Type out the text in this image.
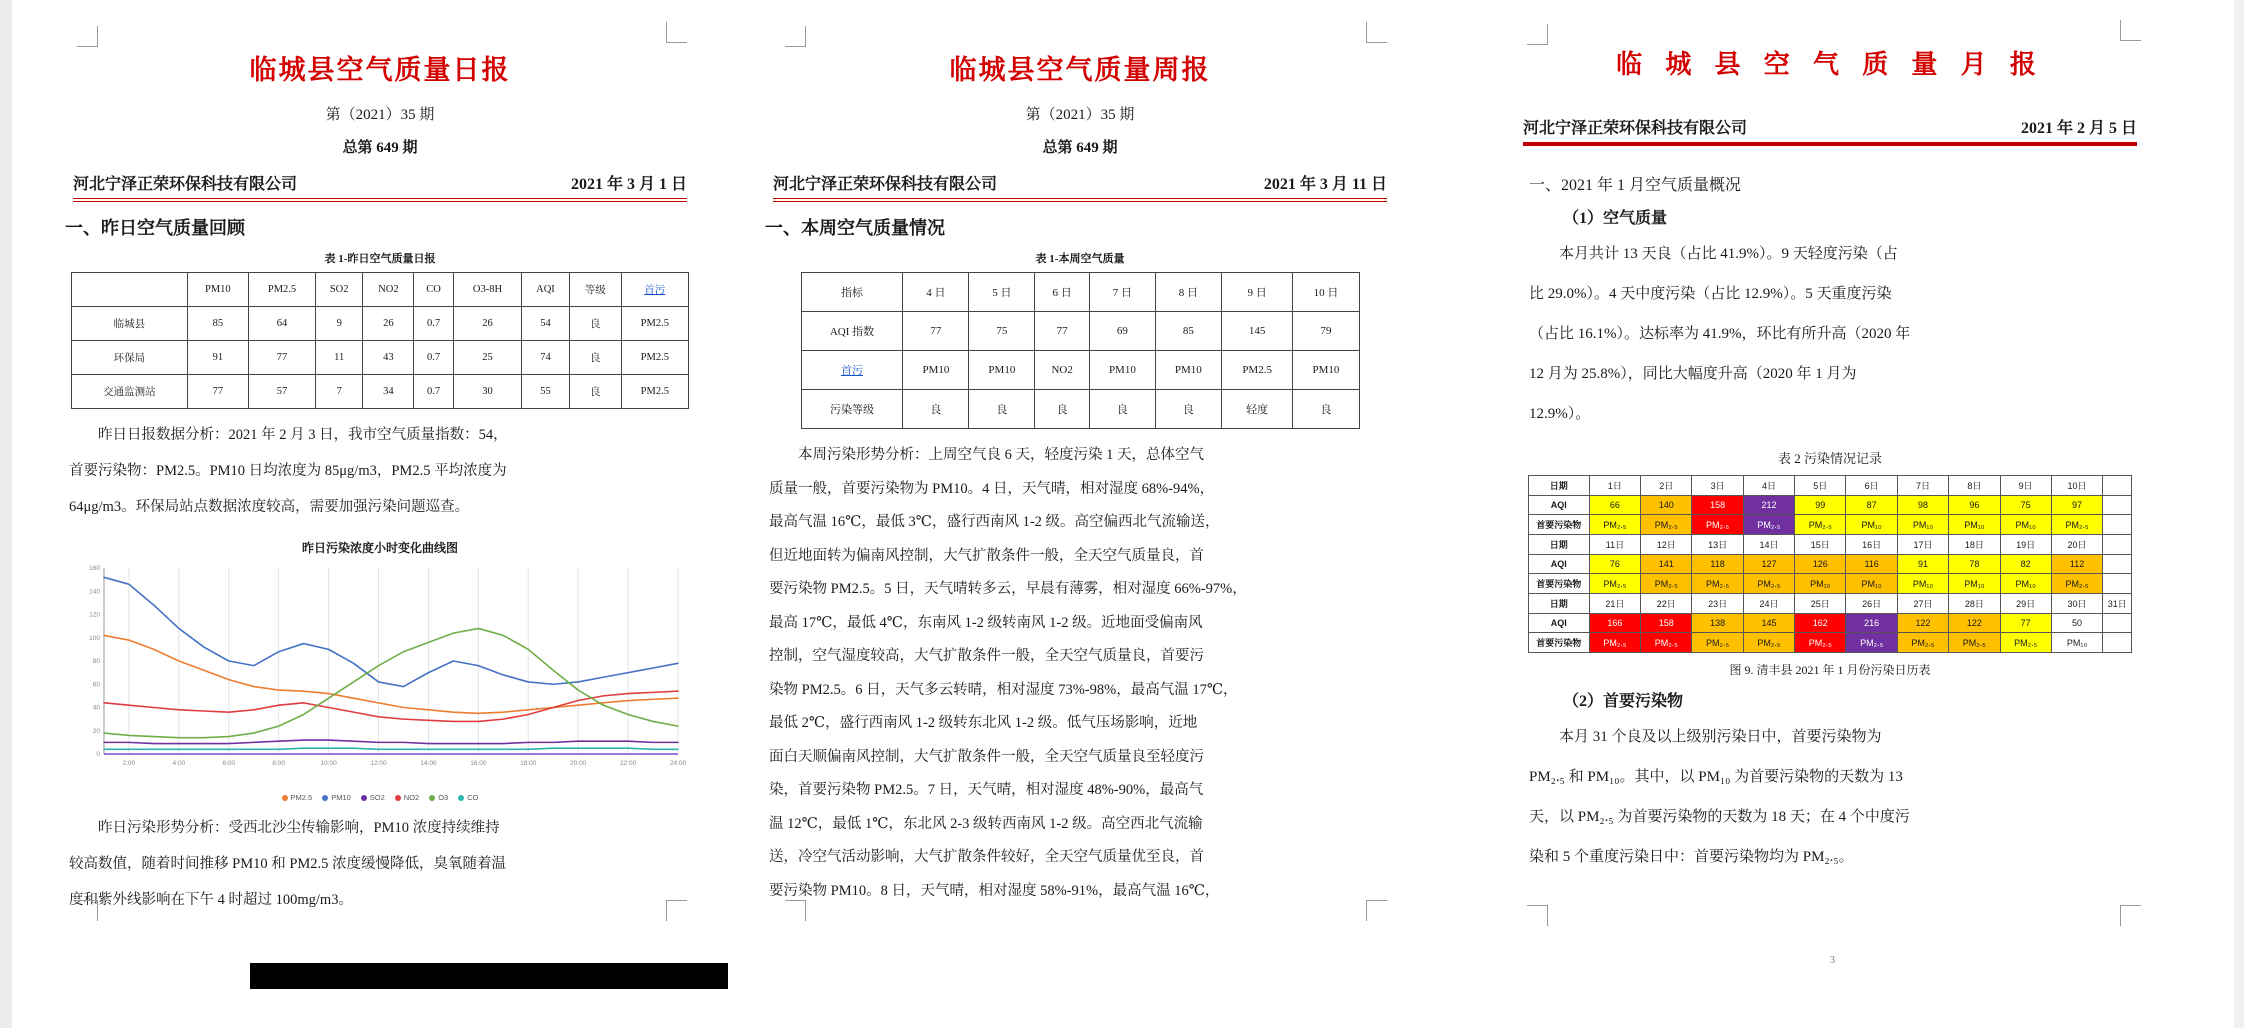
临城县空气质量日报
第（2021）35 期
总第 649 期
河北宁泽正荣环保科技有限公司	2021 年 3 月 1 日
一、昨日空气质量回顾
表 1-昨日空气质量日报
	PM10	PM2.5	SO2	NO2	CO	O3-8H	AQI	等级	首污
临城县	85	64	9	26	0.7	26	54	良	PM2.5
环保局	91	77	11	43	0.7	25	74	良	PM2.5
交通监测站	77	57	7	34	0.7	30	55	良	PM2.5
昨日日报数据分析：2021 年 2 月 3 日，我市空气质量指数：54，
首要污染物：PM2.5。PM10 日均浓度为 85μg/m3，PM2.5 平均浓度为
64μg/m3。环保局站点数据浓度较高，需要加强污染问题巡查。
昨日污染浓度小时变化曲线图
2:00	4:00	6:00	8:00	10:00	12:00	14:00	16:00	18:00	20:00	22:00	24:00
0
20
40
60
80
100
120
140
160
PM2.5	PM10	SO2	NO2	O3	CO
昨日污染形势分析：受西北沙尘传输影响，PM10 浓度持续维持
较高数值，随着时间推移 PM10 和 PM2.5 浓度缓慢降低，臭氧随着温
度和紫外线影响在下午 4 时超过 100mg/m3。
临城县空气质量周报
第（2021）35 期
总第 649 期
河北宁泽正荣环保科技有限公司	2021 年 3 月 11 日
一、本周空气质量情况
表 1-本周空气质量
指标	4 日	5 日	6 日	7 日	8 日	9 日	10 日
AQI 指数	77	75	77	69	85	145	79
首污	PM10	PM10	NO2	PM10	PM10	PM2.5	PM10
污染等级	良	良	良	良	良	轻度	良
本周污染形势分析：上周空气良 6 天，轻度污染 1 天，总体空气
质量一般，首要污染物为 PM10。4 日，天气晴，相对湿度 68%-94%，
最高气温 16℃，最低 3℃，盛行西南风 1-2 级。高空偏西北气流输送，
但近地面转为偏南风控制，大气扩散条件一般，全天空气质量良，首
要污染物 PM2.5。5 日，天气晴转多云，早晨有薄雾，相对湿度 66%-97%，
最高 17℃，最低 4℃，东南风 1-2 级转南风 1-2 级。近地面受偏南风
控制，空气湿度较高，大气扩散条件一般，全天空气质量良，首要污
染物 PM2.5。6 日，天气多云转晴，相对湿度 73%-98%，最高气温 17℃，
最低 2℃，盛行西南风 1-2 级转东北风 1-2 级。低气压场影响，近地
面白天顺偏南风控制，大气扩散条件一般，全天空气质量良至轻度污
染，首要污染物 PM2.5。7 日，天气晴，相对湿度 48%-90%，最高气
温 12℃，最低 1℃，东北风 2-3 级转西南风 1-2 级。高空西北气流输
送，冷空气活动影响，大气扩散条件较好，全天空气质量优至良，首
要污染物 PM10。8 日，天气晴，相对湿度 58%-91%，最高气温 16℃，
临 城 县 空 气 质 量 月 报
河北宁泽正荣环保科技有限公司	2021 年 2 月 5 日
一、2021 年 1 月空气质量概况
（1）空气质量
本月共计 13 天良（占比 41.9%）。9 天轻度污染（占
比 29.0%）。4 天中度污染（占比 12.9%）。5 天重度污染
（占比 16.1%）。达标率为 41.9%，环比有所升高（2020 年
12 月为 25.8%），同比大幅度升高（2020 年 1 月为
12.9%）。
表 2 污染情况记录
日期	1日	2日	3日	4日	5日	6日	7日	8日	9日	10日	
AQI	66	140	158	212	99	87	98	96	75	97	
首要污染物	PM₂.₅	PM₂.₅	PM₂.₅	PM₂.₅	PM₂.₅	PM₁₀	PM₁₀	PM₁₀	PM₁₀	PM₂.₅	
日期	11日	12日	13日	14日	15日	16日	17日	18日	19日	20日	
AQI	76	141	118	127	126	116	91	78	82	112	
首要污染物	PM₂.₅	PM₂.₅	PM₂.₅	PM₂.₅	PM₁₀	PM₁₀	PM₁₀	PM₁₀	PM₁₀	PM₂.₅	
日期	21日	22日	23日	24日	25日	26日	27日	28日	29日	30日	31日
AQI	166	158	138	145	162	216	122	122	77	50	
首要污染物	PM₂.₅	PM₂.₅	PM₂.₅	PM₂.₅	PM₂.₅	PM₂.₅	PM₂.₅	PM₂.₅	PM₂.₅	PM₁₀	
图 9. 清丰县 2021 年 1 月份污染日历表
（2）首要污染物
本月 31 个良及以上级别污染日中，首要污染物为
PM₂.₅ 和 PM₁₀。其中，以 PM₁₀ 为首要污染物的天数为 13
天，以 PM₂.₅ 为首要污染物的天数为 18 天；在 4 个中度污
染和 5 个重度污染日中：首要污染物均为 PM₂.₅。
3
